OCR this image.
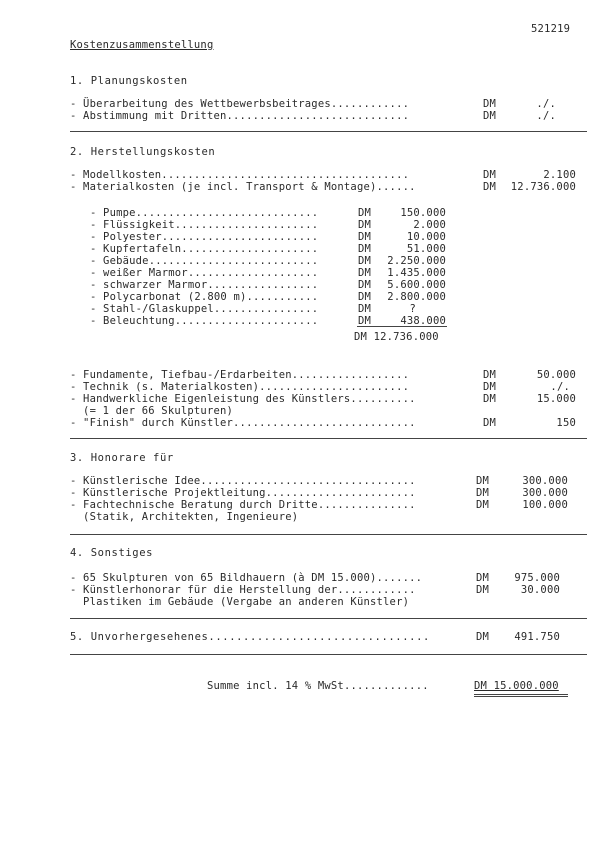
521219
Kostenzusammenstellung
1. Planungskosten
- Überarbeitung des Wettbewerbsbeitrages............	DM	./.
- Abstimmung mit Dritten............................	DM	./.
2. Herstellungskosten
- Modellkosten......................................	DM	2.100
- Materialkosten (je incl. Transport & Montage)......	DM	12.736.000
- Pumpe............................	DM	150.000
- Flüssigkeit......................	DM	2.000
- Polyester........................	DM	10.000
- Kupfertafeln.....................	DM	51.000
- Gebäude..........................	DM	2.250.000
- weißer Marmor....................	DM	1.435.000
- schwarzer Marmor.................	DM	5.600.000
- Polycarbonat (2.800 m)...........	DM	2.800.000
- Stahl-/Glaskuppel................	DM	?
- Beleuchtung......................	DM	438.000
DM 12.736.000
- Fundamente, Tiefbau-/Erdarbeiten..................	DM	50.000
- Technik (s. Materialkosten).......................	DM	./.
- Handwerkliche Eigenleistung des Künstlers..........	DM	15.000
(= 1 der 66 Skulpturen)
- "Finish" durch Künstler............................	DM	150
3. Honorare für
- Künstlerische Idee.................................	DM	300.000
- Künstlerische Projektleitung.......................	DM	300.000
- Fachtechnische Beratung durch Dritte...............	DM	100.000
(Statik, Architekten, Ingenieure)
4. Sonstiges
- 65 Skulpturen von 65 Bildhauern (à DM 15.000).......	DM	975.000
- Künstlerhonorar für die Herstellung der............	DM	30.000
Plastiken im Gebäude (Vergabe an anderen Künstler)
5. Unvorhergesehenes................................	DM	491.750
Summe incl. 14 % MwSt.............	DM 15.000.000
